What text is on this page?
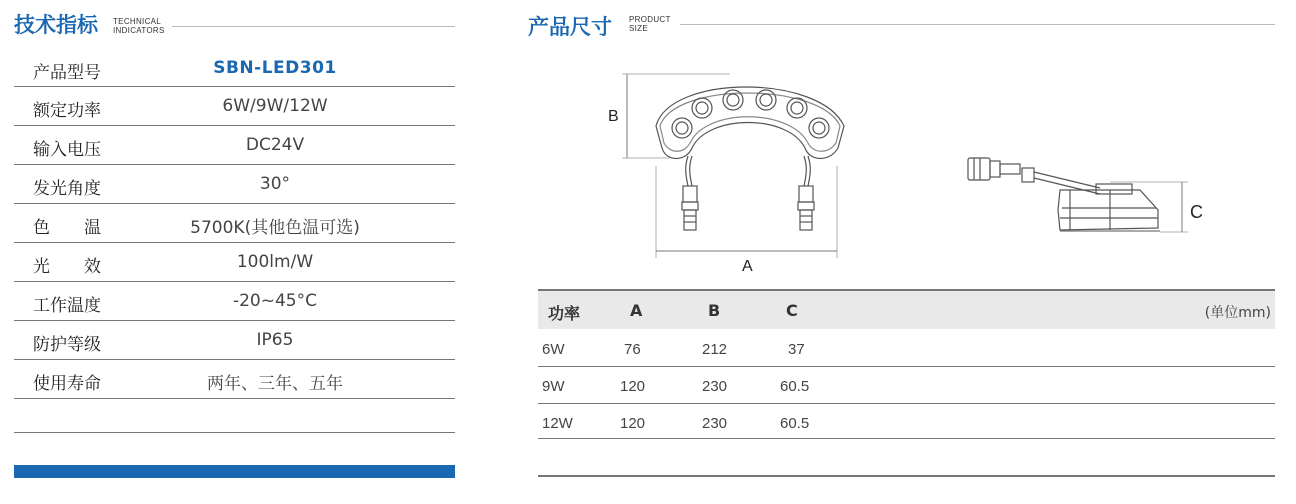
技术指标 TECHNICAL
INDICATORS
产品型号	SBN-LED301
额定功率	6W/9W/12W
输入电压	DC24V
发光角度	30°
色　　温	5700K(其他色温可选)
光　　效	100lm/W
工作温度	-20~45°C
防护等级	IP65
使用寿命	两年、三年、五年
产品尺寸 PRODUCT
SIZE
B
A
C
功率	A	B	C	(单位mm)
6W	76	212	37
9W	120	230	60.5
12W	120	230	60.5
